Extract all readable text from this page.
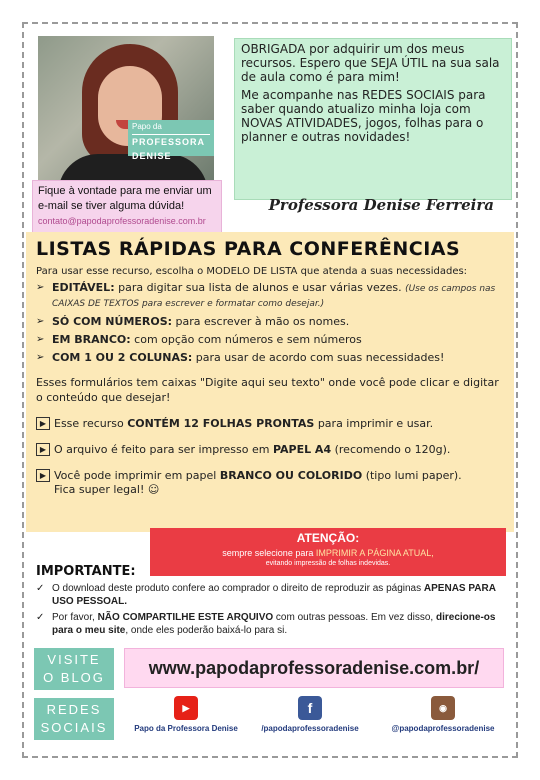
Papo da
PROFESSORA DENISE
Fique à vontade para me enviar um e-mail se tiver alguma dúvida!
contato@papodaprofessoradenise.com.br

OBRIGADA por adquirir um dos meus recursos. Espero que SEJA ÚTIL na sua sala de aula como é para mim!

Me acompanhe nas REDES SOCIAIS para saber quando atualizo minha loja com NOVAS ATIVIDADES, jogos, folhas para o planner e outras novidades!

Professora Denise Ferreira
LISTAS RÁPIDAS PARA CONFERÊNCIAS
Para usar esse recurso, escolha o MODELO DE LISTA que atenda a suas necessidades:
➢ EDITÁVEL: para digitar sua lista de alunos e usar várias vezes. (Use os campos nas CAIXAS DE TEXTOS para escrever e formatar como desejar.)
➢ SÓ COM NÚMEROS: para escrever à mão os nomes.
➢ EM BRANCO: com opção com números e sem números
➢ COM 1 OU 2 COLUNAS: para usar de acordo com suas necessidades!
Esses formulários tem caixas "Digite aqui seu texto" onde você pode clicar e digitar o conteúdo que desejar!
▶ Esse recurso CONTÉM 12 FOLHAS PRONTAS para imprimir e usar.
▶ O arquivo é feito para ser impresso em PAPEL A4 (recomendo o 120g).
▶ Você pode imprimir em papel BRANCO OU COLORIDO (tipo lumi paper).
Fica super legal! ☺
ATENÇÃO:
sempre selecione para IMPRIMIR A PÁGINA ATUAL,
evitando impressão de folhas indevidas.
IMPORTANTE:
✓ O download deste produto confere ao comprador o direito de reproduzir as páginas APENAS PARA USO PESSOAL.
✓ Por favor, NÃO COMPARTILHE ESTE ARQUIVO com outras pessoas. Em vez disso, direcione-os para o meu site, onde eles poderão baixá-lo para si.
VISITE
O BLOG	www.papodaprofessoradenise.com.br/
REDES
SOCIAIS
▶
Papo da Professora Denise
f
/papodaprofessoradenise
◉
@papodaprofessoradenise
